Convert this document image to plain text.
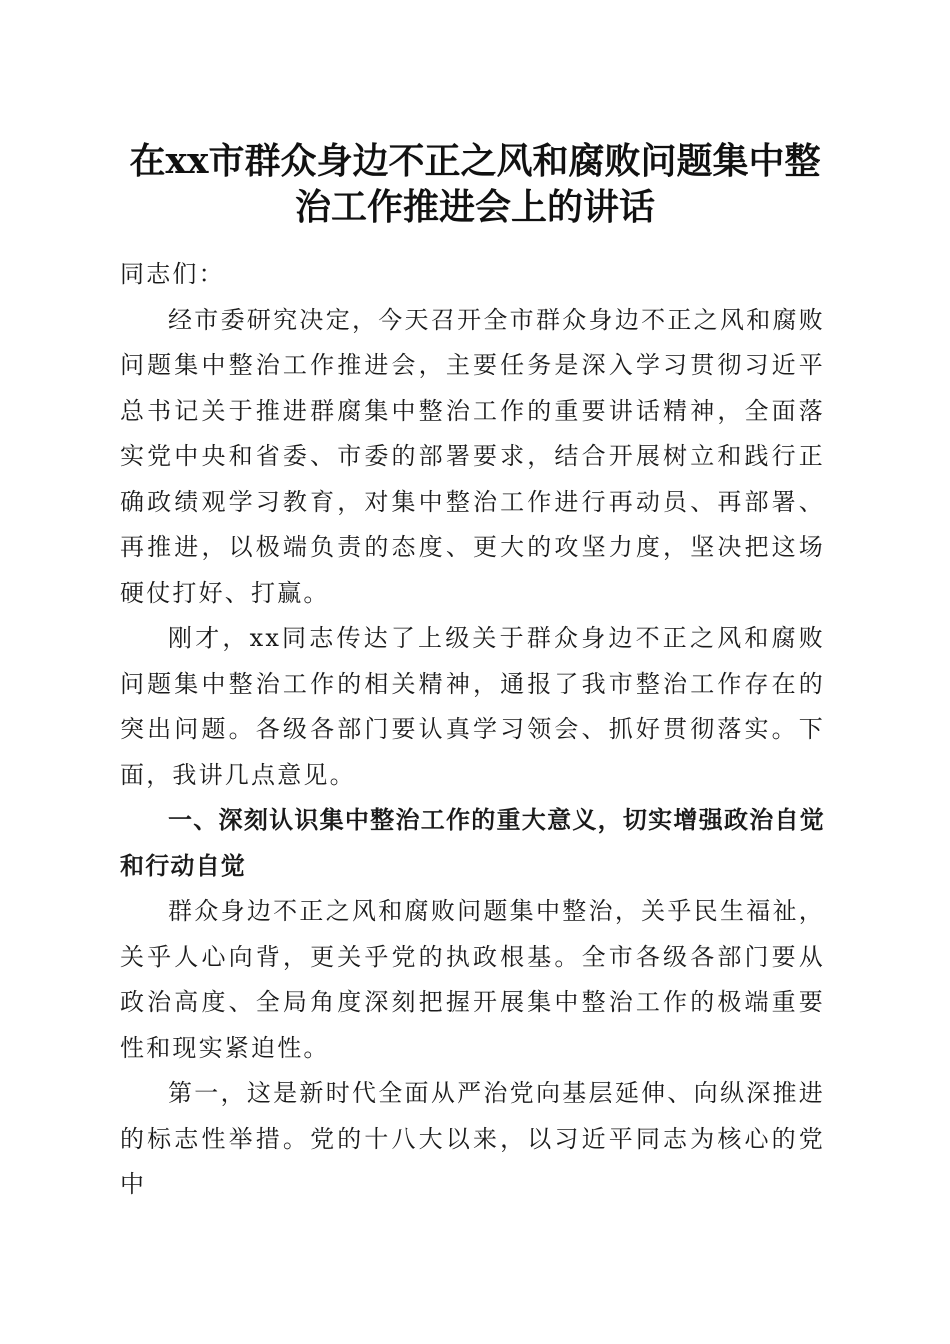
在xx市群众身边不正之风和腐败问题集中整
治工作推进会上的讲话

同志们：

经市委研究决定，今天召开全市群众身边不正之风和腐败问题集中整治工作推进会，主要任务是深入学习贯彻习近平总书记关于推进群腐集中整治工作的重要讲话精神，全面落实党中央和省委、市委的部署要求，结合开展树立和践行正确政绩观学习教育，对集中整治工作进行再动员、再部署、再推进，以极端负责的态度、更大的攻坚力度，坚决把这场硬仗打好、打赢。

刚才，xx同志传达了上级关于群众身边不正之风和腐败问题集中整治工作的相关精神，通报了我市整治工作存在的突出问题。各级各部门要认真学习领会、抓好贯彻落实。下面，我讲几点意见。

一、深刻认识集中整治工作的重大意义，切实增强政治自觉和行动自觉

群众身边不正之风和腐败问题集中整治，关乎民生福祉，关乎人心向背，更关乎党的执政根基。全市各级各部门要从政治高度、全局角度深刻把握开展集中整治工作的极端重要性和现实紧迫性。

第一，这是新时代全面从严治党向基层延伸、向纵深推进的标志性举措。党的十八大以来，以习近平同志为核心的党中
